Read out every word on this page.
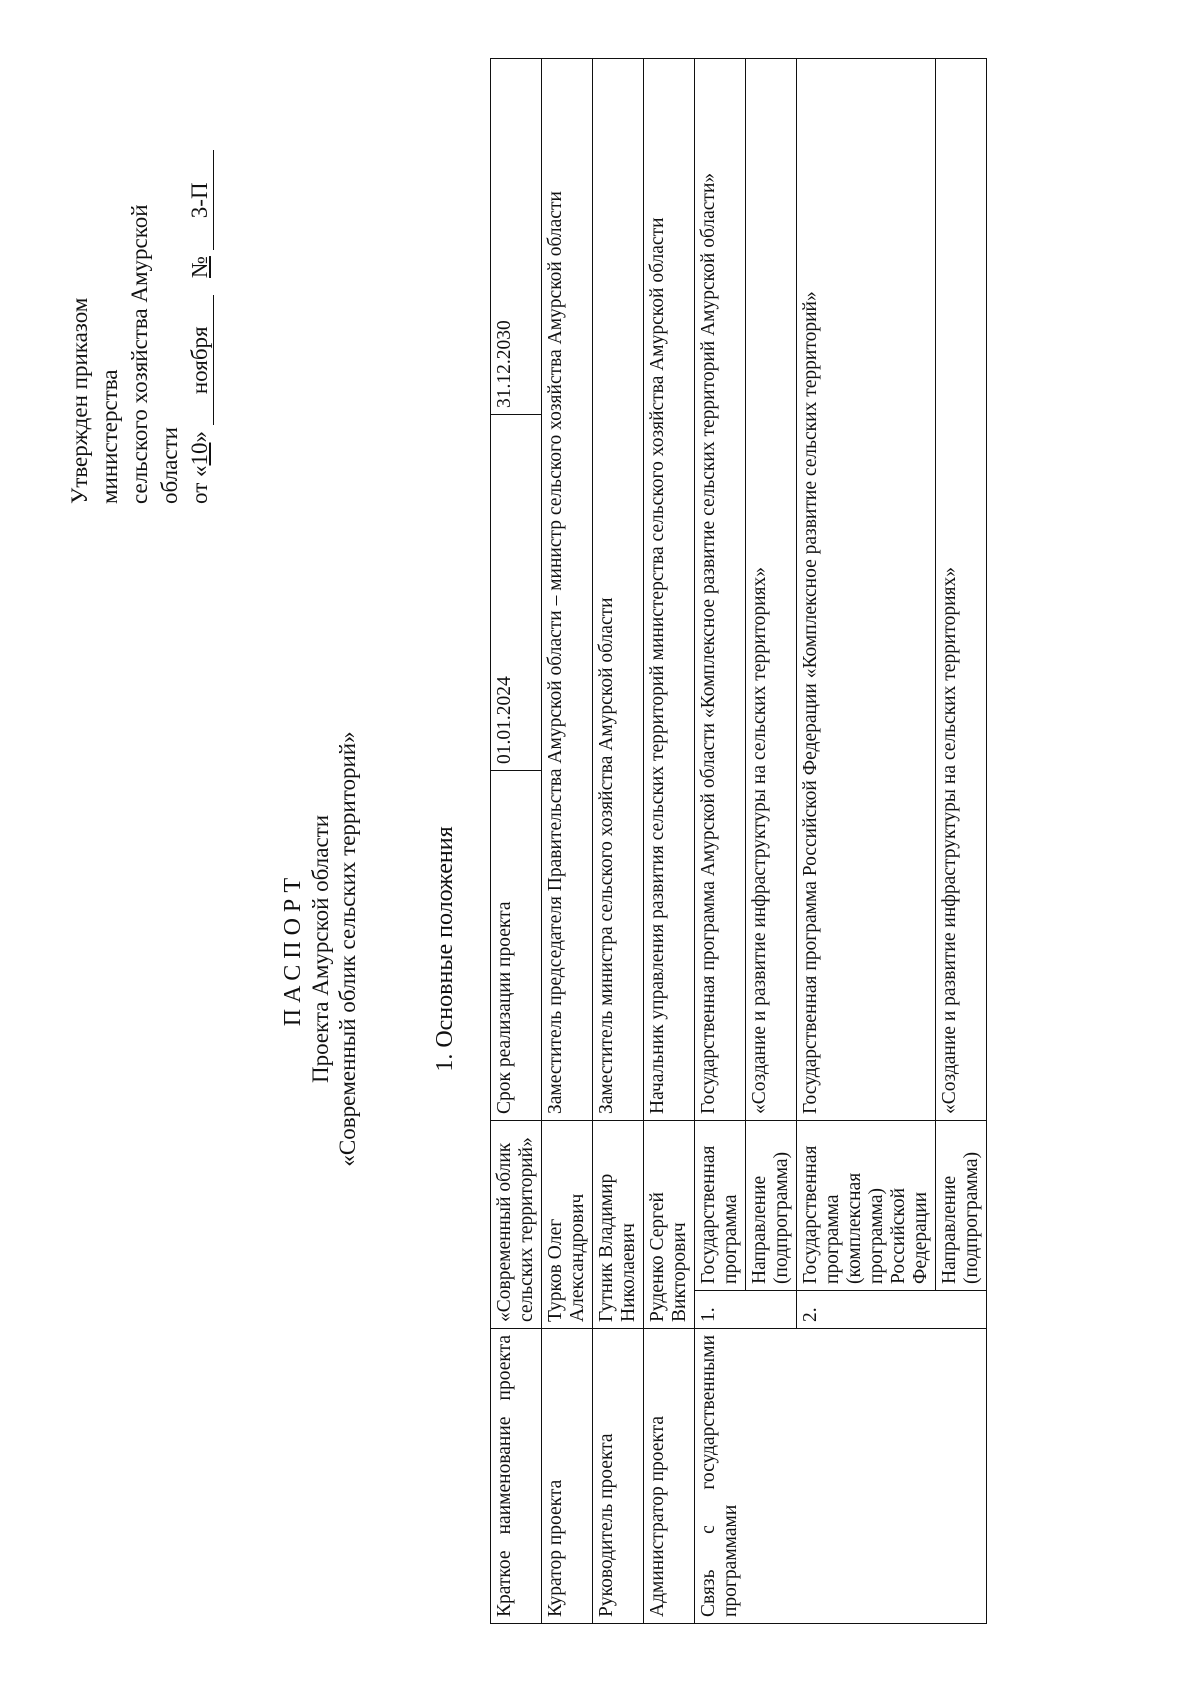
Утвержден приказом министерства сельского хозяйства Амурской области от «10» ноября   № 3-П
ПАСПОРТ Проекта Амурской области «Современный облик сельских территорий»	1. Основные положения
Краткое наименование проекта	«Современный облик сельских территорий»		Срок реализации проекта	01.01.2024	31.12.2030
Куратор проекта	Турков Олег Александрович		Заместитель председателя Правительства Амурской области – министр сельского хозяйства Амурской области		
Руководитель проекта	Гутник Владимир Николаевич		Заместитель министра сельского хозяйства Амурской области		
Администратор проекта	Руденко Сергей Викторович		Начальник управления развития сельских территорий министерства сельского хозяйства Амурской области		
Связь с государственными программами	1.	Государственная программа	Государственная программа Амурской области «Комплексное развитие сельских территорий Амурской области»		
		Направление (подпрограмма)	«Создание и развитие инфраструктуры на сельских территориях»		
	2.	Государственная программа (комплексная программа) Российской Федерации	Государственная программа Российской Федерации «Комплексное развитие сельских территорий»		
		Направление (подпрограмма)	«Создание и развитие инфраструктуры на сельских территориях»		
